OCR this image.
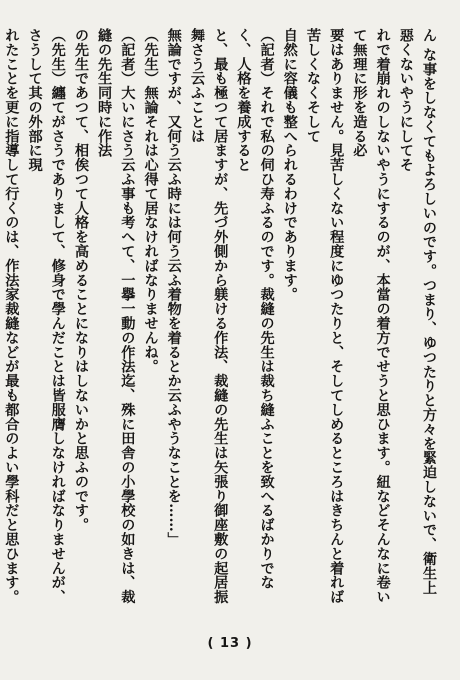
ん な事をしなくてもよろしいのです。つまり、ゆつたりと方々を緊迫しないで、衛生上惡くないやうにしてそ

れで着崩れのしないやうにするのが、本當の着方でせうと思ひます。紐などそんなに卷いて無理に形を造る必

要はありません。見苦しくない程度にゆつたりと、そしてしめるところはきちんと着れば苦しくなくそして

自然に容儀も整へられるわけであります。

（記者）それで私の伺ひ寿ふるのです。裁縫の先生は裁ち縫ふことを致へるばかりでなく、人格を養成すると

と、最も極つて居ますが、先づ外側から躾ける作法、裁縫の先生は矢張り御座敷の起居振舞さう云ふことは

無論ですが、又何う云ふ時には何う云ふ着物を着るとか云ふやうなことを……」

（先生）無論それは心得て居なければなりませんね。

（記者）大いにさう云ふ事も考へて、一擧一動の作法迄、殊に田舎の小學校の如きは、裁縫の先生同時に作法

の先生であつて、相俟つて人格を高めることになりはしないかと思ふのです。

（先生）纏てがさうでありまして、修身で學んだことは皆服膺しなければなりませんが、さうして其の外部に現

れたことを更に指導して行くのは、作法家裁縫などが最も都合のよい學科だと思ひます。

( 13 )
